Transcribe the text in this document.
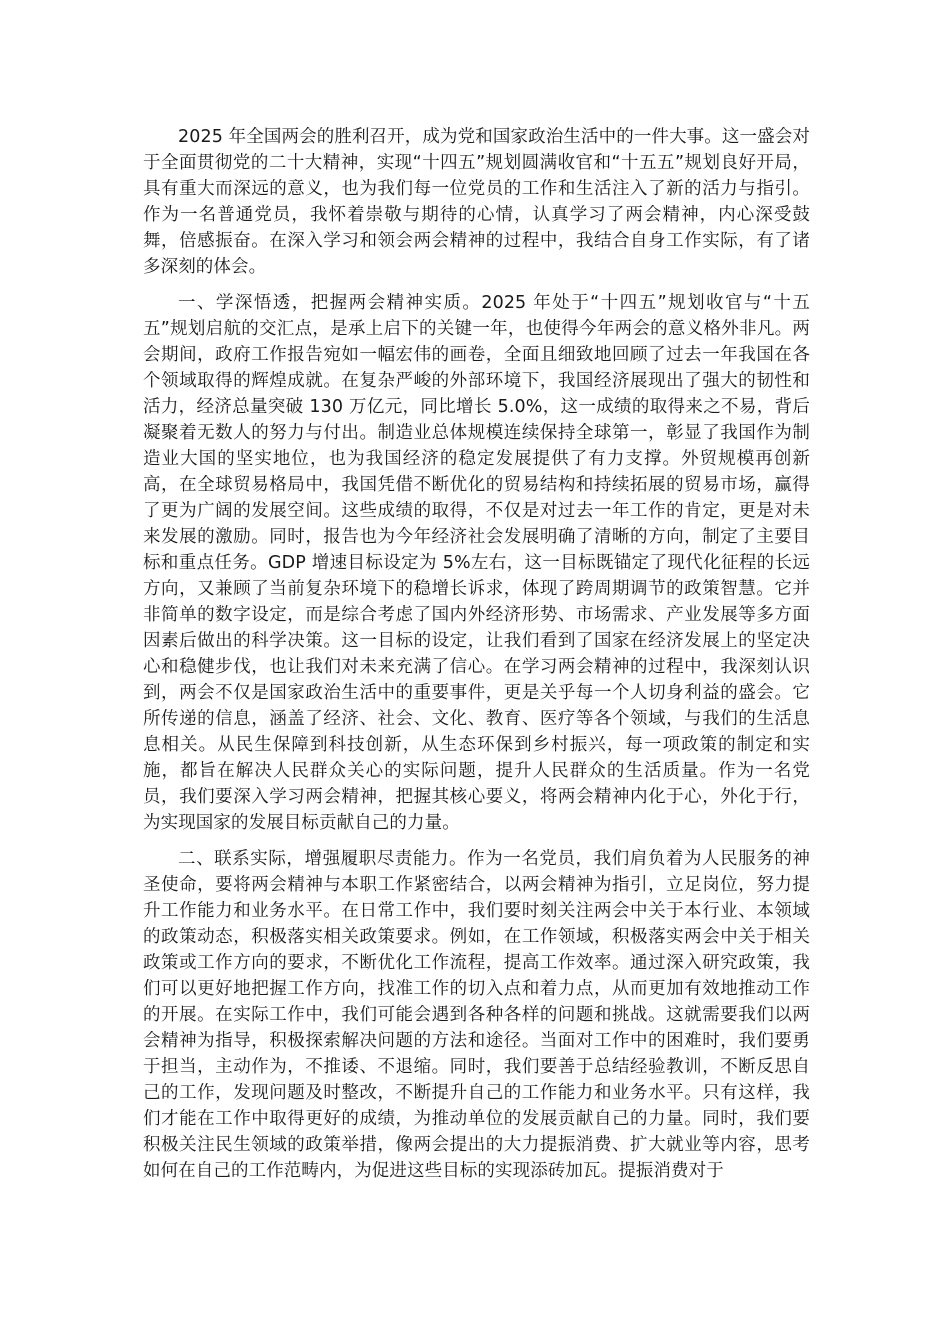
2025 年全国两会的胜利召开，成为党和国家政治生活中的一件大事。这一盛会对于全面贯彻党的二十大精神，实现“十四五”规划圆满收官和“十五五”规划良好开局，具有重大而深远的意义，也为我们每一位党员的工作和生活注入了新的活力与指引。作为一名普通党员，我怀着崇敬与期待的心情，认真学习了两会精神，内心深受鼓舞，倍感振奋。在深入学习和领会两会精神的过程中，我结合自身工作实际，有了诸多深刻的体会。

一、学深悟透，把握两会精神实质。2025 年处于“十四五”规划收官与“十五五”规划启航的交汇点，是承上启下的关键一年，也使得今年两会的意义格外非凡。两会期间，政府工作报告宛如一幅宏伟的画卷，全面且细致地回顾了过去一年我国在各个领域取得的辉煌成就。在复杂严峻的外部环境下，我国经济展现出了强大的韧性和活力，经济总量突破 130 万亿元，同比增长 5.0%，这一成绩的取得来之不易，背后凝聚着无数人的努力与付出。制造业总体规模连续保持全球第一，彰显了我国作为制造业大国的坚实地位，也为我国经济的稳定发展提供了有力支撑。外贸规模再创新高，在全球贸易格局中，我国凭借不断优化的贸易结构和持续拓展的贸易市场，赢得了更为广阔的发展空间。这些成绩的取得，不仅是对过去一年工作的肯定，更是对未来发展的激励。同时，报告也为今年经济社会发展明确了清晰的方向，制定了主要目标和重点任务。GDP 增速目标设定为 5%左右，这一目标既锚定了现代化征程的长远方向，又兼顾了当前复杂环境下的稳增长诉求，体现了跨周期调节的政策智慧。它并非简单的数字设定，而是综合考虑了国内外经济形势、市场需求、产业发展等多方面因素后做出的科学决策。这一目标的设定，让我们看到了国家在经济发展上的坚定决心和稳健步伐，也让我们对未来充满了信心。在学习两会精神的过程中，我深刻认识到，两会不仅是国家政治生活中的重要事件，更是关乎每一个人切身利益的盛会。它所传递的信息，涵盖了经济、社会、文化、教育、医疗等各个领域，与我们的生活息息相关。从民生保障到科技创新，从生态环保到乡村振兴，每一项政策的制定和实施，都旨在解决人民群众关心的实际问题，提升人民群众的生活质量。作为一名党员，我们要深入学习两会精神，把握其核心要义，将两会精神内化于心，外化于行，为实现国家的发展目标贡献自己的力量。

二、联系实际，增强履职尽责能力。作为一名党员，我们肩负着为人民服务的神圣使命，要将两会精神与本职工作紧密结合，以两会精神为指引，立足岗位，努力提升工作能力和业务水平。在日常工作中，我们要时刻关注两会中关于本行业、本领域的政策动态，积极落实相关政策要求。例如，在工作领域，积极落实两会中关于相关政策或工作方向的要求，不断优化工作流程，提高工作效率。通过深入研究政策，我们可以更好地把握工作方向，找准工作的切入点和着力点，从而更加有效地推动工作的开展。在实际工作中，我们可能会遇到各种各样的问题和挑战。这就需要我们以两会精神为指导，积极探索解决问题的方法和途径。当面对工作中的困难时，我们要勇于担当，主动作为，不推诿、不退缩。同时，我们要善于总结经验教训，不断反思自己的工作，发现问题及时整改，不断提升自己的工作能力和业务水平。只有这样，我们才能在工作中取得更好的成绩，为推动单位的发展贡献自己的力量。同时，我们要积极关注民生领域的政策举措，像两会提出的大力提振消费、扩大就业等内容，思考如何在自己的工作范畴内，为促进这些目标的实现添砖加瓦。提振消费对于
